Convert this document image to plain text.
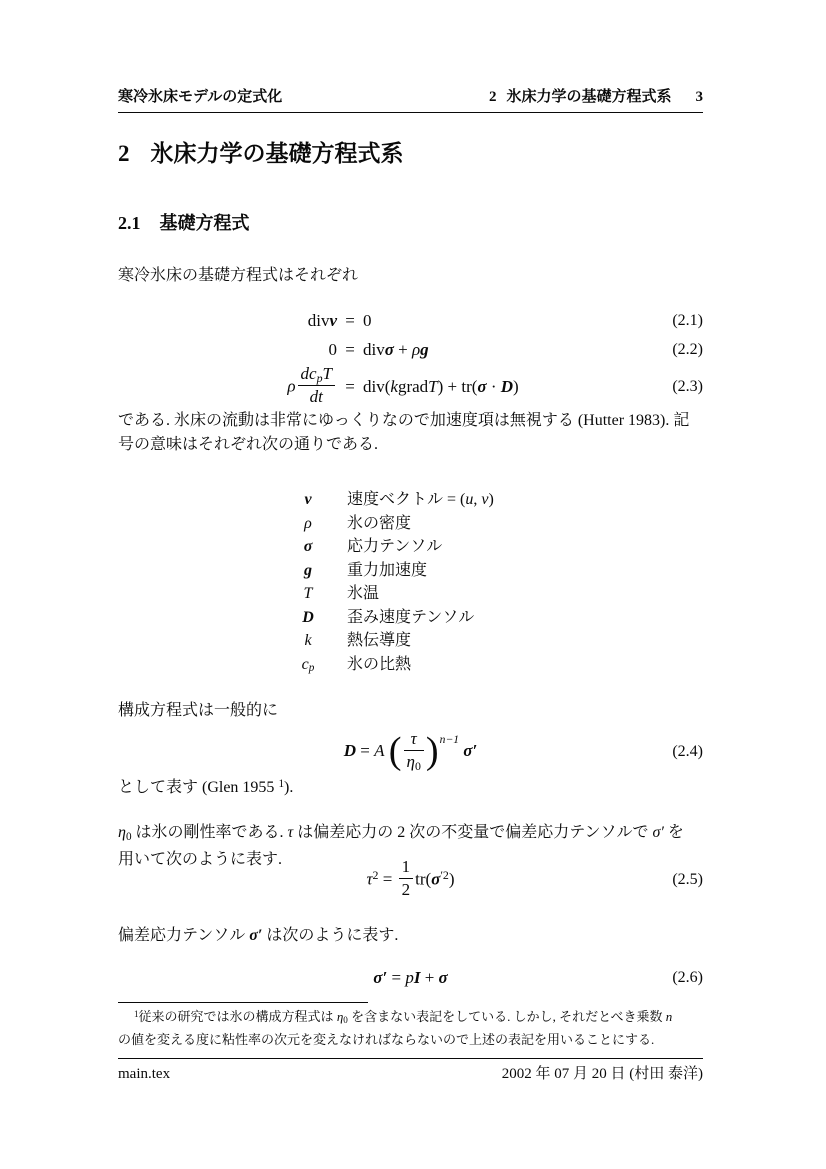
寒冷氷床モデルの定式化	2 氷床力学の基礎方程式系 3
2 氷床力学の基礎方程式系
2.1 基礎方程式

寒冷氷床の基礎方程式はそれぞれ

divv = 0	(2.1)
0 = divσ + ρg	(2.2)
ρ $\frac{\text{dcpT}}{dt}$ = div(kgradT) + tr(σ · D)	(2.3)

である. 氷床の流動は非常にゆっくりなので加速度項は無視する (Hutter 1983). 記
号の意味はそれぞれ次の通りである.

v	速度ベクトル = (u, v)
ρ	氷の密度
σ	応力テンソル
g	重力加速度
T	氷温
D	歪み速度テンソル
k	熱伝導度
cp	氷の比熱

構成方程式は一般的に

D = A ( $\frac{\tau}{\eta 0} )^{n-1}$ σ′	(2.4)

として表す (Glen 1955 $^1$).

η0 は氷の剛性率である. τ は偏差応力の 2 次の不変量で偏差応力テンソルで σ′ を
用いて次のように表す.

$\tau^2 = \frac{1}{2} tr(\sigma^{'2})$	(2.5)

偏差応力テンソル σ′ は次のように表す.

σ′ = pI + σ	(2.6)

$^1$従来の研究では氷の構成方程式は η0 を含まない表記をしている. しかし, それだとべき乗数 n
の値を変える度に粘性率の次元を変えなければならないので上述の表記を用いることにする.

main.tex	2002 年 07 月 20 日 (村田 泰洋)
